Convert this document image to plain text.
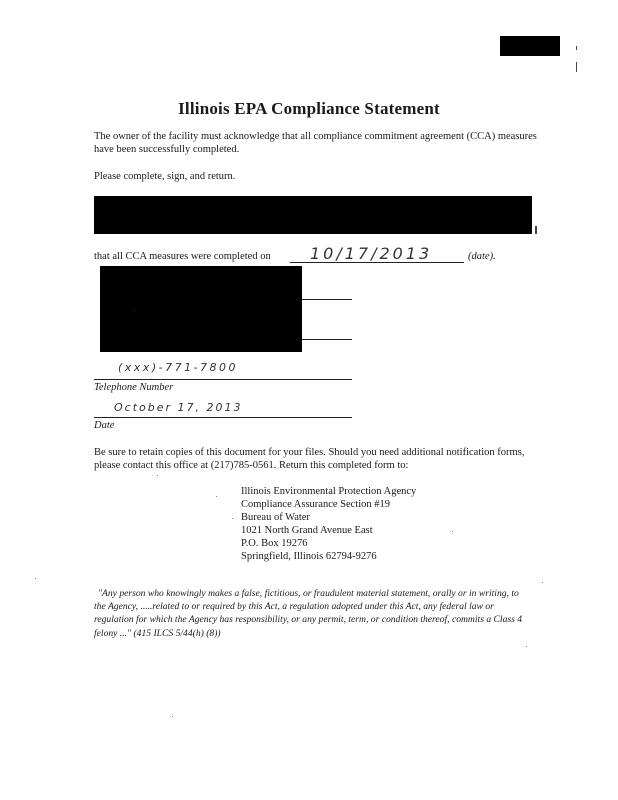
Illinois EPA Compliance Statement
The owner of the facility must acknowledge that all compliance commitment agreement (CCA) measures have been successfully completed.
Please complete, sign, and return.
that all CCA measures were completed on 10/17/2013	(date).
(xxx)-771-7800
Telephone Number
October 17, 2013
Date
Be sure to retain copies of this document for your files. Should you need additional notification forms, please contact this office at (217)785-0561. Return this completed form to:
Illinois Environmental Protection Agency
Compliance Assurance Section #19
Bureau of Water
1021 North Grand Avenue East
P.O. Box 19276
Springfield, Illinois 62794-9276
"Any person who knowingly makes a false, fictitious, or fraudulent material statement, orally or in writing, to the Agency, .....related to or required by this Act, a regulation adopted under this Act, any federal law or regulation for which the Agency has responsibility, or any permit, term, or condition thereof, commits a Class 4 felony ..." (415 ILCS 5/44(h) (8))
